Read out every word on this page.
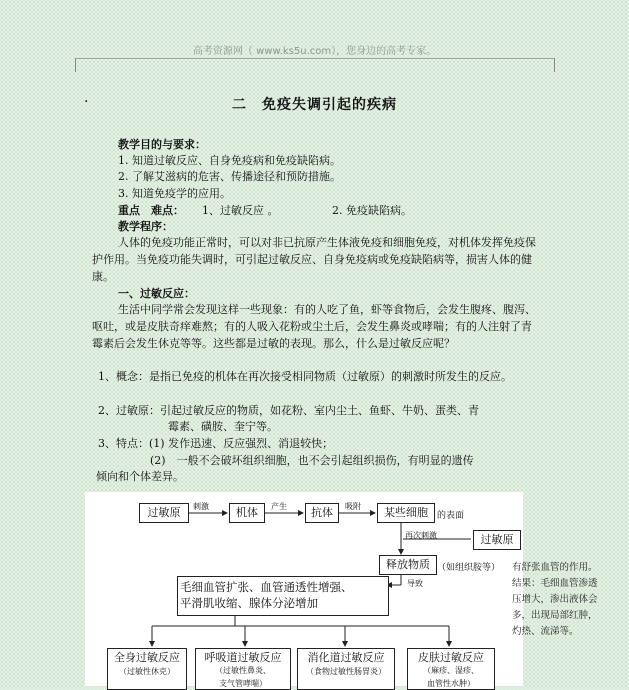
高考资源网（ www.ks5u.com），您身边的高考专家。
·	二　免疫失调引起的疾病
教学目的与要求：
1. 知道过敏反应、自身免疫病和免疫缺陷病。
2. 了解艾滋病的危害、传播途径和预防措施。
3. 知道免疫学的应用。
重点　难点： 1、过敏反应 。	2. 免疫缺陷病。
教学程序：
人体的免疫功能正常时，可以对非已抗原产生体液免疫和细胞免疫，对机体发挥免疫保护作用。当免疫功能失调时，可引起过敏反应、自身免疫病或免疫缺陷病等，损害人体的健康。
一、过敏反应：
生活中同学常会发现这样一些现象：有的人吃了鱼，虾等食物后，会发生腹疼、腹泻、呕吐，或是皮肤奇痒难熬；有的人吸入花粉或尘土后，会发生鼻炎或哮喘；有的人注射了青霉素后会发生休克等等。这些都是过敏的表现。那么，什么是过敏反应呢？
1、概念：是指已免疫的机体在再次接受相同物质（过敏原）的刺激时所发生的反应。
2、过敏原：引起过敏反应的物质，如花粉、室内尘土、鱼虾、牛奶、蛋类、青
霉素、磺胺、奎宁等。
3、特点：(1) 发作迅速、反应强烈、消退较快；
(2)　一般不会破坏组织细胞，也不会引起组织损伤，有明显的遗传
倾向和个体差异。
过敏原	刺激	机体	产生	抗体	吸附	某些细胞	的表面
再次刺激	过敏原
释放物质 （如组织胺等）
导致
毛细血管扩张、血管通透性增强、
平滑肌收缩、腺体分泌增加
全身过敏反应
（过敏性休克）
呼吸道过敏反应
（过敏性鼻炎、
支气管哮喘）
消化道过敏反应
（食物过敏性肠胃炎）
皮肤过敏反应
（麻疹、湿疹、
血管性水肿）
有舒张血管的作用。
结果：毛细血管渗透
压增大，渗出液体会
多，出现局部红肿，
灼热、流涕等。
